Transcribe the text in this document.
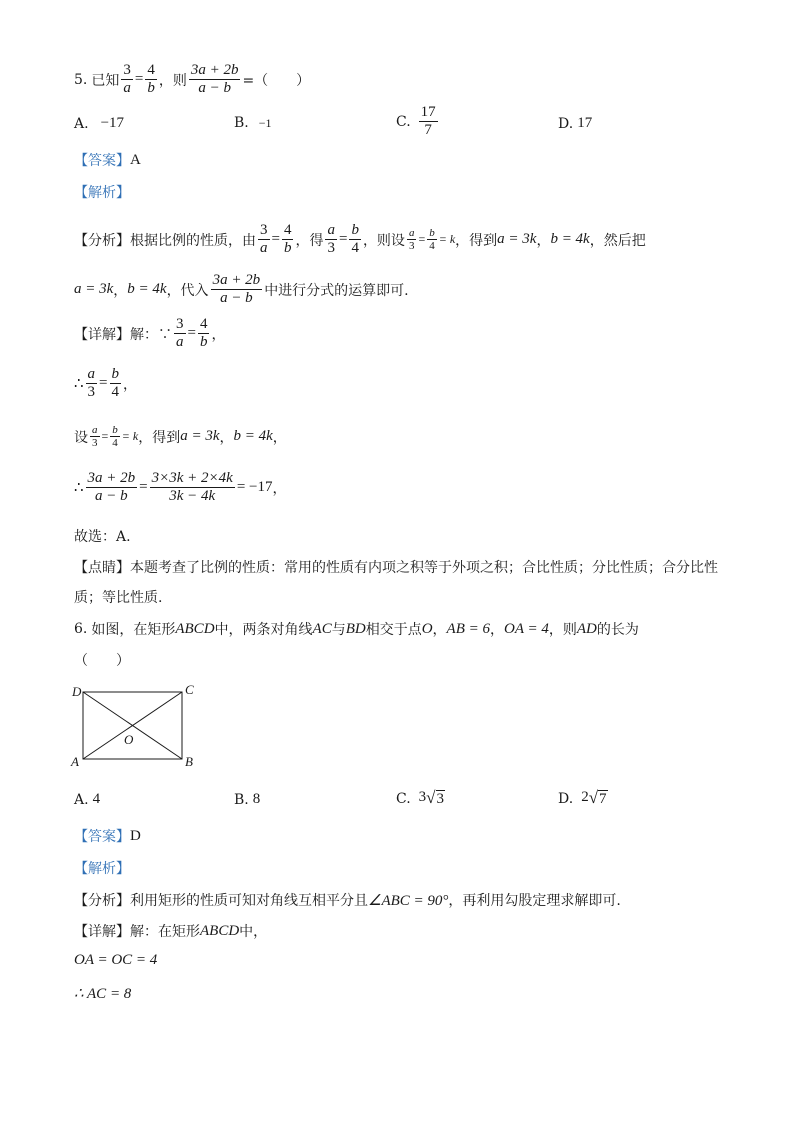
5. 已知 $\frac{3}{a} = \frac{4}{b}$ ，则 $\frac{3a + 2b}{a - b}$ =（　　）
A. −17	B. −1	C. $\frac{17}{7}$	D. 17
【答案】 A
【解析】
【分析】 根据比例的性质，由 $\frac{3}{a} = \frac{4}{b}$ ，得 $\frac{a}{3} = \frac{b}{4}$ ，则设 $\frac{a}{3} = \frac{b}{4} = k$ ，得到 a = 3k ， b = 4k ，然后把
a = 3k ， b = 4k ，代入 $\frac{3a + 2b}{a - b}$ 中进行分式的运算即可.
【详解】 解：∵ $\frac{3}{a} = \frac{4}{b}$ ，
∴ $\frac{a}{3} = \frac{b}{4}$ ，
设 $\frac{a}{3} = \frac{b}{4} = k$ ，得到 a = 3k ， b = 4k ，
∴ $\frac{3a + 2b}{a - b} = \frac{3\times 3k + 2\times 4k}{3k - 4k} = -17$ ，
故选：A.
【点睛】 本题考查了比例的性质：常用的性质有内项之积等于外项之积；合比性质；分比性质；合分比性
质；等比性质.
6. 如图，在矩形 ABCD 中，两条对角线 AC 与 BD 相交于点 O ， AB = 6 ， OA = 4 ，则 AD 的长为
（　　）
D	C
A	B
O
A. 4	B. 8	C. 3 √ 3	D. 2 √ 7
【答案】 D
【解析】
【分析】 利用矩形的性质可知对角线互相平分且 ∠ABC = 90° ，再利用勾股定理求解即可.
【详解】 解：在矩形 ABCD 中，
OA = OC = 4
∴ AC = 8
